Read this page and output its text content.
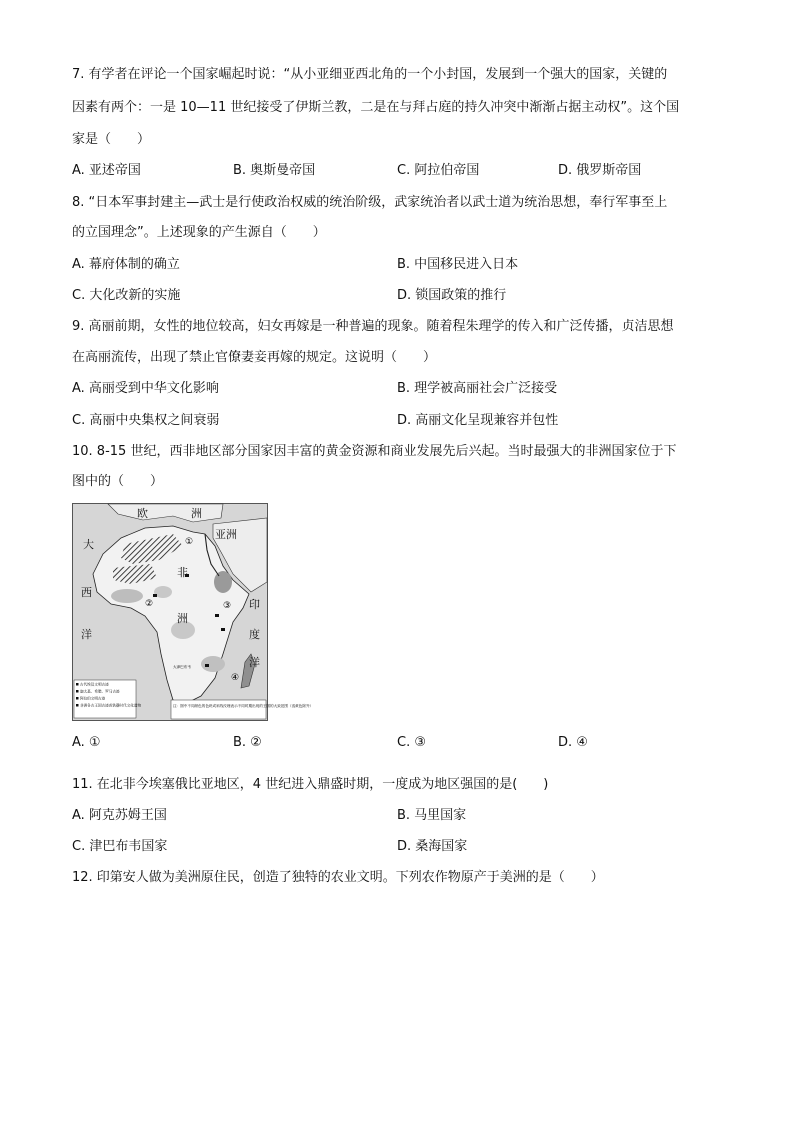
7. 有学者在评论一个国家崛起时说：“从小亚细亚西北角的一个小封国，发展到一个强大的国家，关键的
因素有两个：一是 10—11 世纪接受了伊斯兰教，二是在与拜占庭的持久冲突中渐渐占据主动权”。这个国
家是（　　）
A. 亚述帝国	B. 奥斯曼帝国	C. 阿拉伯帝国	D. 俄罗斯帝国
8. “日本军事封建主—武士是行使政治权威的统治阶级，武家统治者以武士道为统治思想，奉行军事至上
的立国理念”。上述现象的产生源自（　　）
A. 幕府体制的确立	B. 中国移民进入日本
C. 大化改新的实施	D. 锁国政策的推行
9. 高丽前期，女性的地位较高，妇女再嫁是一种普遍的现象。随着程朱理学的传入和广泛传播，贞洁思想
在高丽流传，出现了禁止官僚妻妾再嫁的规定。这说明（　　）
A. 高丽受到中华文化影响	B. 理学被高丽社会广泛接受
C. 高丽中央集权之间衰弱	D. 高丽文化呈现兼容并包性
10. 8-15 世纪，西非地区部分国家因丰富的黄金资源和商业发展先后兴起。当时最强大的非洲国家位于下
图中的（　　）
欧	洲
亚洲
大
西
洋
非
洲
印
度
洋
大津巴布韦
①
②	③
④
古代埃及文明古迹
迦太基、希腊、罗马古迹
阿拉伯文明古迹
非洲各古王国古迹或铁器时代文化遗物	注：图中不同颜色的色块或斜线纹理表示不同时期出现的王国的大致范围（浅黄色除外）
A. ①	B. ②	C. ③	D. ④
11. 在北非今埃塞俄比亚地区，4 世纪进入鼎盛时期，一度成为地区强国的是(　　)
A. 阿克苏姆王国	B. 马里国家
C. 津巴布韦国家	D. 桑海国家
12. 印第安人做为美洲原住民，创造了独特的农业文明。下列农作物原产于美洲的是（　　）
